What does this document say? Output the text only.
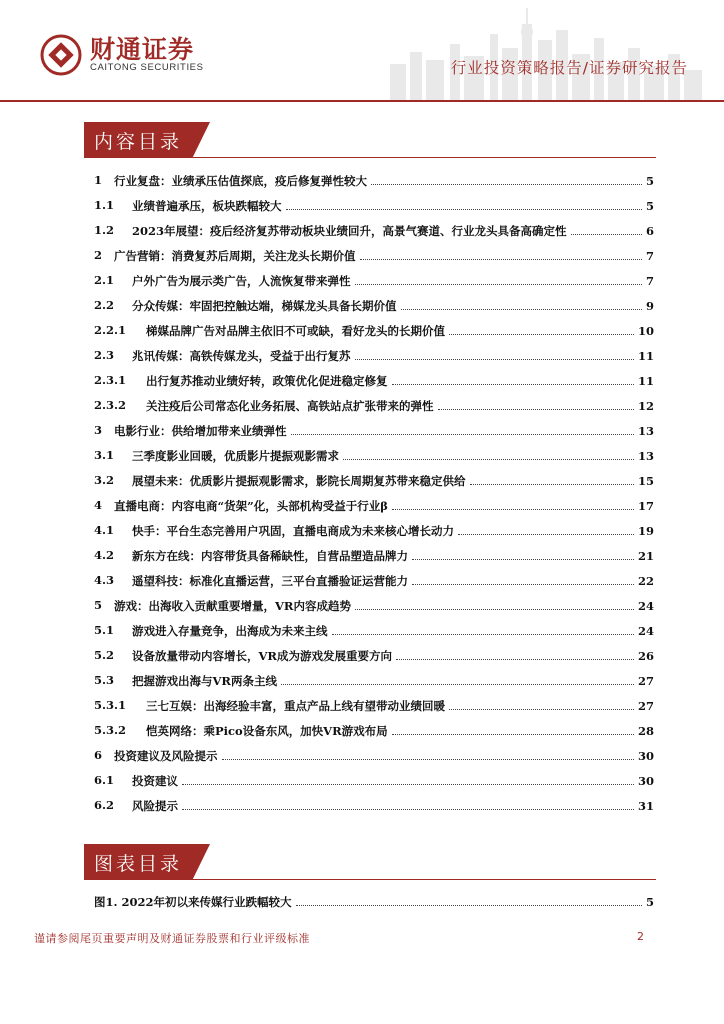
财通证券
CAITONG SECURITIES	行业投资策略报告/证券研究报告
内容目录
1 行业复盘：业绩承压估值探底，疫后修复弹性较大	5
1.1 业绩普遍承压，板块跌幅较大	5
1.2 2023年展望：疫后经济复苏带动板块业绩回升，高景气赛道、行业龙头具备高确定性	6
2 广告营销：消费复苏后周期，关注龙头长期价值	7
2.1 户外广告为展示类广告，人流恢复带来弹性	7
2.2 分众传媒：牢固把控触达端，梯媒龙头具备长期价值	9
2.2.1 梯媒品牌广告对品牌主依旧不可或缺，看好龙头的长期价值	10
2.3 兆讯传媒：高铁传媒龙头，受益于出行复苏	11
2.3.1 出行复苏推动业绩好转，政策优化促进稳定修复	11
2.3.2 关注疫后公司常态化业务拓展、高铁站点扩张带来的弹性	12
3 电影行业：供给增加带来业绩弹性	13
3.1 三季度影业回暖，优质影片提振观影需求	13
3.2 展望未来：优质影片提振观影需求，影院长周期复苏带来稳定供给	15
4 直播电商：内容电商“货架”化，头部机构受益于行业β	17
4.1 快手：平台生态完善用户巩固，直播电商成为未来核心增长动力	19
4.2 新东方在线：内容带货具备稀缺性，自营品塑造品牌力	21
4.3 遥望科技：标准化直播运营，三平台直播验证运营能力	22
5 游戏：出海收入贡献重要增量，VR内容成趋势	24
5.1 游戏进入存量竞争，出海成为未来主线	24
5.2 设备放量带动内容增长，VR成为游戏发展重要方向	26
5.3 把握游戏出海与VR两条主线	27
5.3.1 三七互娱：出海经验丰富，重点产品上线有望带动业绩回暖	27
5.3.2 恺英网络：乘Pico设备东风，加快VR游戏布局	28
6 投资建议及风险提示	30
6.1 投资建议	30
6.2 风险提示	31
图表目录
图1. 2022年初以来传媒行业跌幅较大	5
谨请参阅尾页重要声明及财通证券股票和行业评级标准	2
